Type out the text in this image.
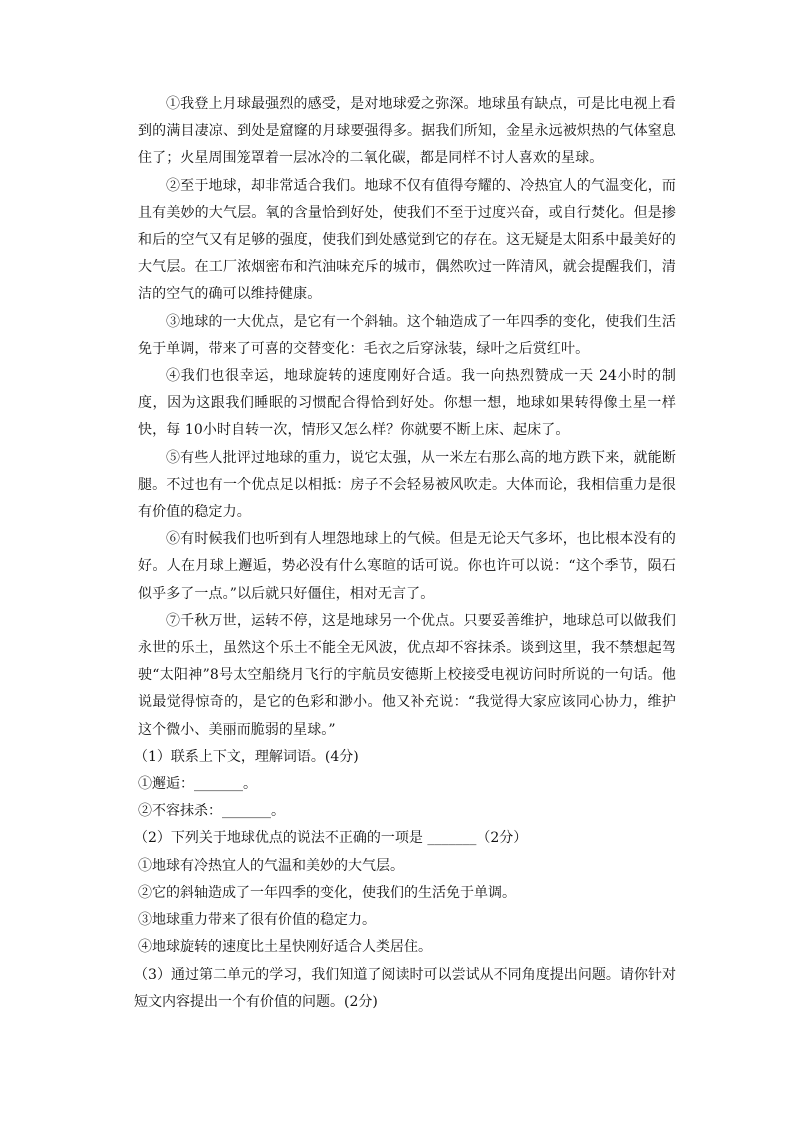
①我登上月球最强烈的感受，是对地球爱之弥深。地球虽有缺点，可是比电视上看到的满目凄凉、到处是窟窿的月球要强得多。据我们所知，金星永远被炽热的气体窒息住了；火星周围笼罩着一层冰冷的二氧化碳，都是同样不讨人喜欢的星球。

②至于地球，却非常适合我们。地球不仅有值得夸耀的、冷热宜人的气温变化，而且有美妙的大气层。氧的含量恰到好处，使我们不至于过度兴奋，或自行焚化。但是掺和后的空气又有足够的强度，使我们到处感觉到它的存在。这无疑是太阳系中最美好的大气层。在工厂浓烟密布和汽油味充斥的城市，偶然吹过一阵清风，就会提醒我们，清洁的空气的确可以维持健康。

③地球的一大优点，是它有一个斜轴。这个轴造成了一年四季的变化，使我们生活免于单调，带来了可喜的交替变化：毛衣之后穿泳装，绿叶之后赏红叶。

④我们也很幸运，地球旋转的速度刚好合适。我一向热烈赞成一天 24小时的制度，因为这跟我们睡眠的习惯配合得恰到好处。你想一想，地球如果转得像土星一样快，每 10小时自转一次，情形又怎么样？你就要不断上床、起床了。

⑤有些人批评过地球的重力，说它太强，从一米左右那么高的地方跌下来，就能断腿。不过也有一个优点足以相抵：房子不会轻易被风吹走。大体而论，我相信重力是很有价值的稳定力。

⑥有时候我们也听到有人埋怨地球上的气候。但是无论天气多坏，也比根本没有的好。人在月球上邂逅，势必没有什么寒暄的话可说。你也许可以说：“这个季节，陨石似乎多了一点。”以后就只好僵住，相对无言了。

⑦千秋万世，运转不停，这是地球另一个优点。只要妥善维护，地球总可以做我们永世的乐土，虽然这个乐土不能全无风波，优点却不容抹杀。谈到这里，我不禁想起驾驶“太阳神”8号太空船绕月飞行的宇航员安德斯上校接受电视访问时所说的一句话。他说最觉得惊奇的，是它的色彩和渺小。他又补充说：“我觉得大家应该同心协力，维护这个微小、美丽而脆弱的星球。”

（1）联系上下文，理解词语。(4分)

①邂逅：_______。

②不容抹杀：_______。

（2）下列关于地球优点的说法不正确的一项是 _______（2分）

①地球有冷热宜人的气温和美妙的大气层。

②它的斜轴造成了一年四季的变化，使我们的生活免于单调。

③地球重力带来了很有价值的稳定力。

④地球旋转的速度比土星快刚好适合人类居住。

（3）通过第二单元的学习，我们知道了阅读时可以尝试从不同角度提出问题。请你针对短文内容提出一个有价值的问题。(2分)
